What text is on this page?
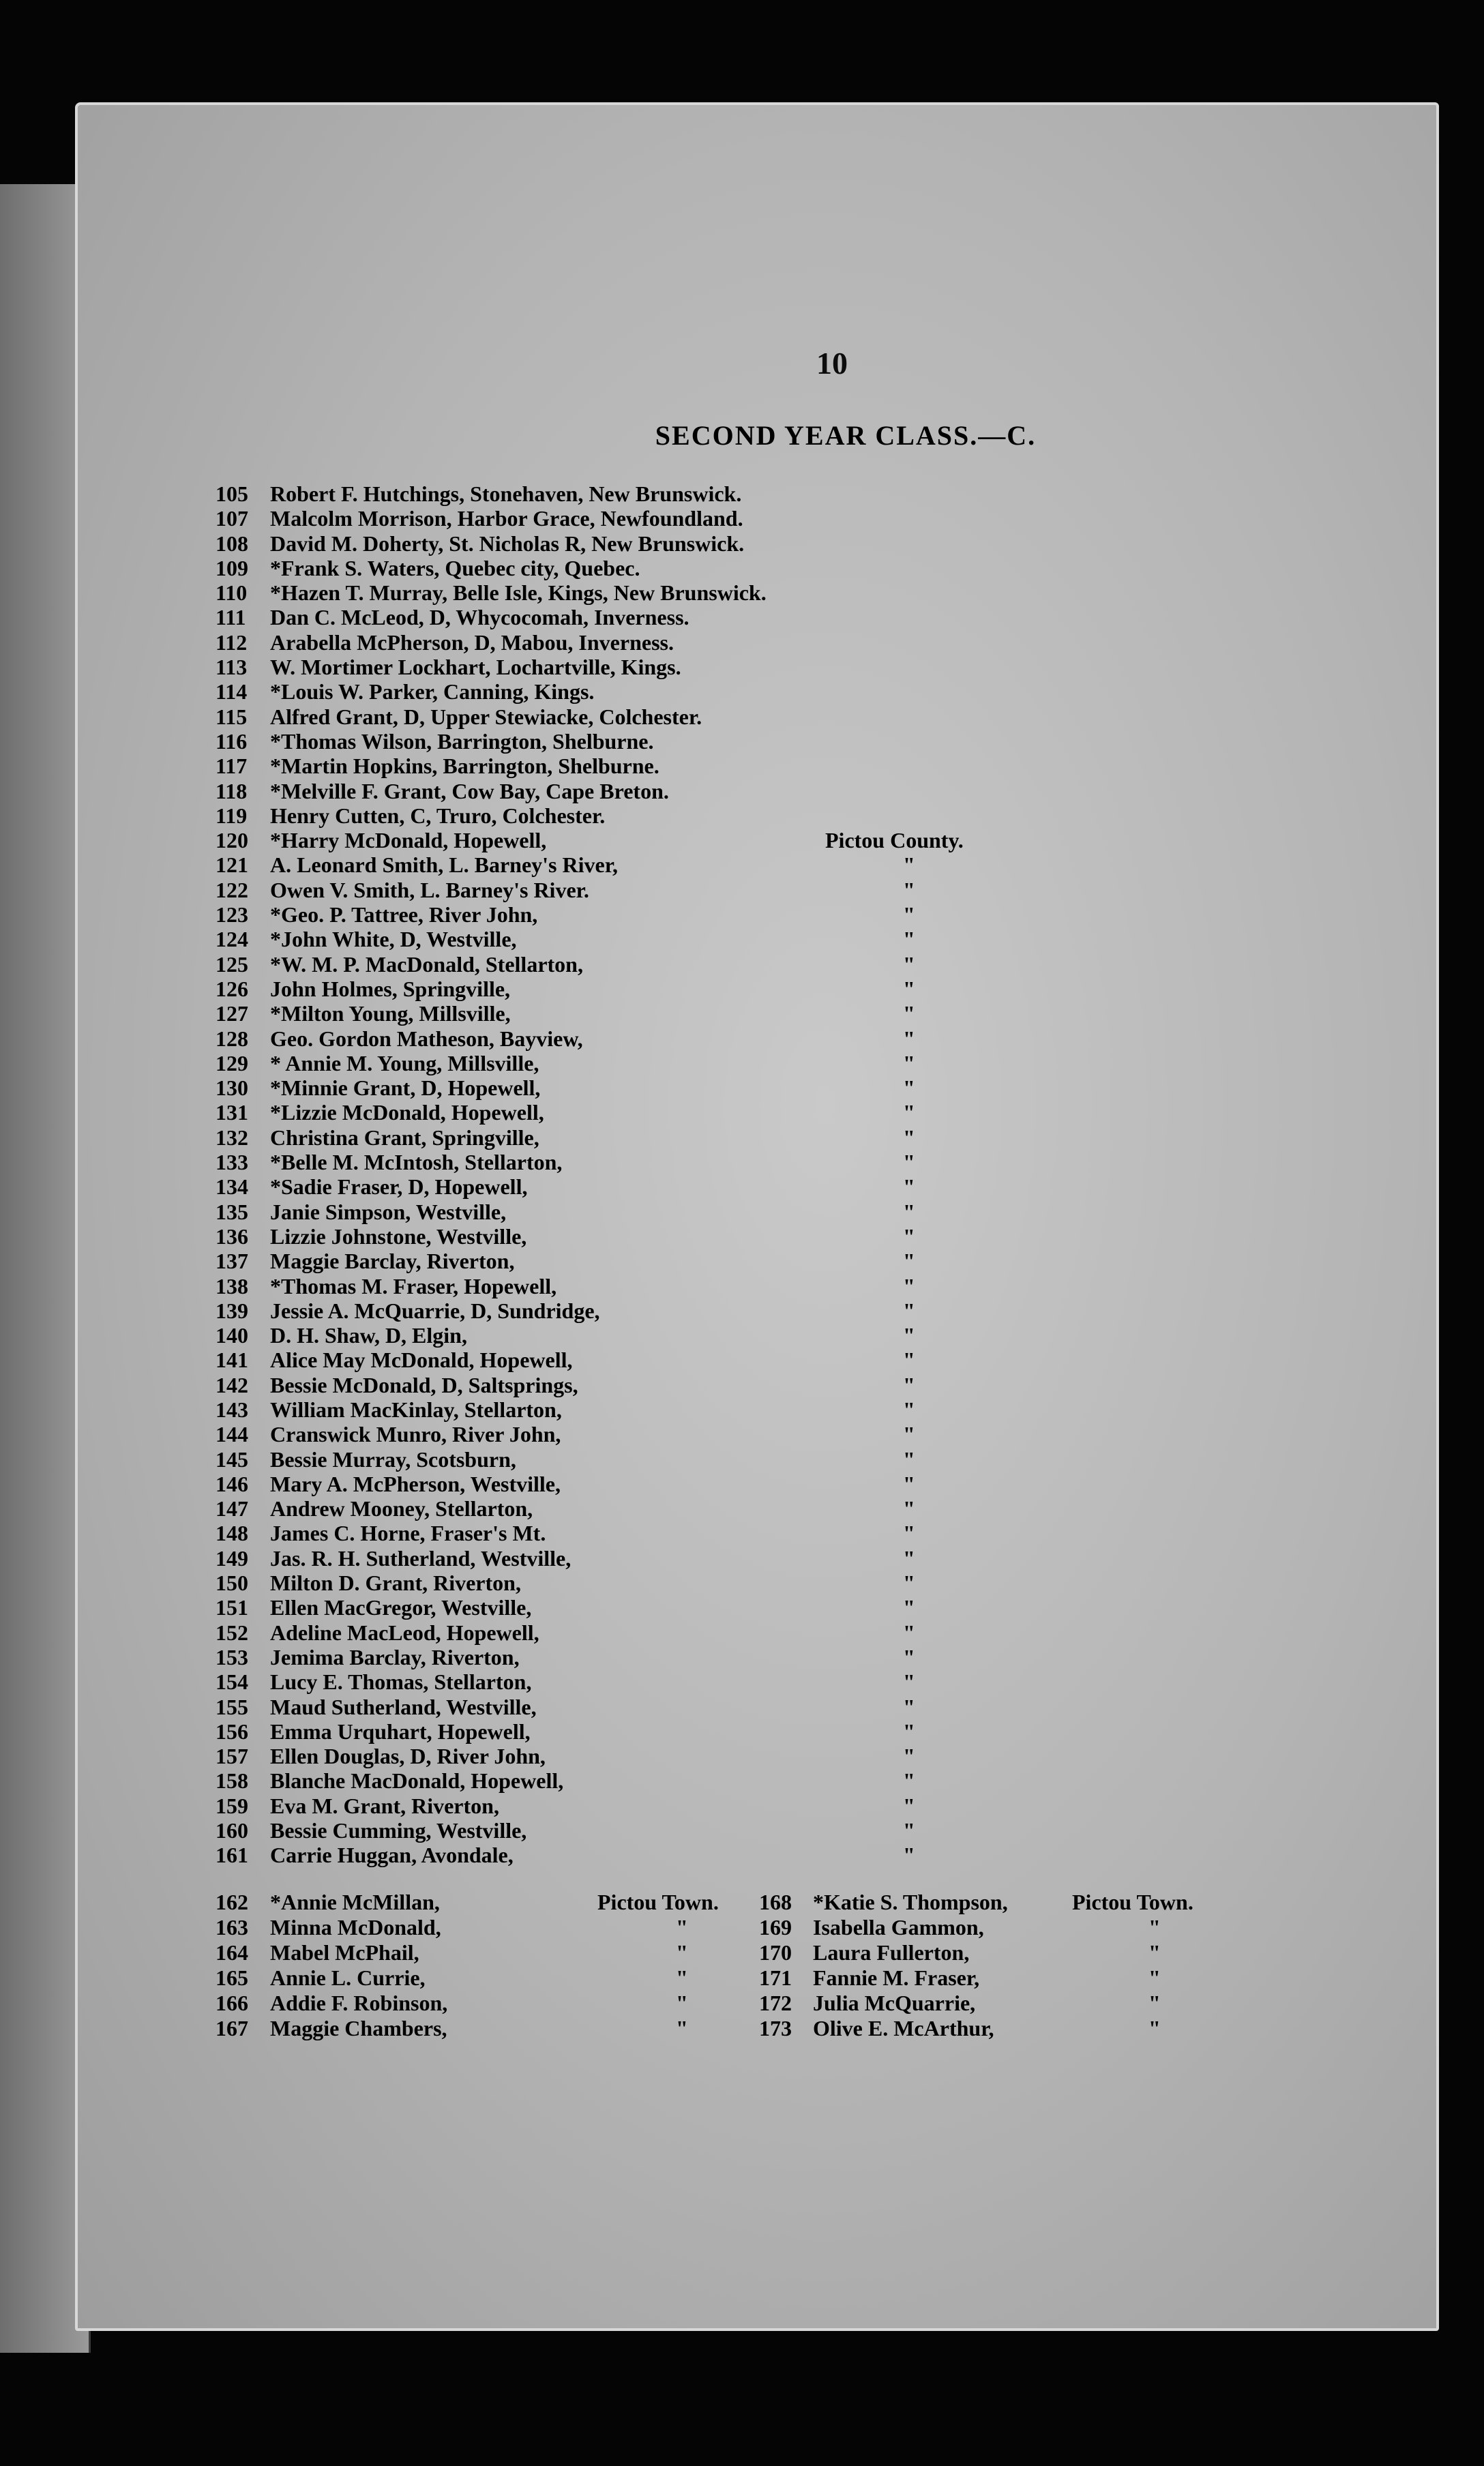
10
SECOND YEAR CLASS.—C.
105	Robert F. Hutchings, Stonehaven, New Brunswick.
107	Malcolm Morrison, Harbor Grace, Newfoundland.
108	David M. Doherty, St. Nicholas R, New Brunswick.
109	*Frank S. Waters, Quebec city, Quebec.
110	*Hazen T. Murray, Belle Isle, Kings, New Brunswick.
111	Dan C. McLeod, D, Whycocomah, Inverness.
112	Arabella McPherson, D, Mabou, Inverness.
113	W. Mortimer Lockhart, Lochartville, Kings.
114	*Louis W. Parker, Canning, Kings.
115	Alfred Grant, D, Upper Stewiacke, Colchester.
116	*Thomas Wilson, Barrington, Shelburne.
117	*Martin Hopkins, Barrington, Shelburne.
118	*Melville F. Grant, Cow Bay, Cape Breton.
119	Henry Cutten, C, Truro, Colchester.
120	*Harry McDonald, Hopewell,	Pictou County.
121	A. Leonard Smith, L. Barney's River,	"
122	Owen V. Smith, L. Barney's River.	"
123	*Geo. P. Tattree, River John,	"
124	*John White, D, Westville,	"
125	*W. M. P. MacDonald, Stellarton,	"
126	John Holmes, Springville,	"
127	*Milton Young, Millsville,	"
128	Geo. Gordon Matheson, Bayview,	"
129	* Annie M. Young, Millsville,	"
130	*Minnie Grant, D, Hopewell,	"
131	*Lizzie McDonald, Hopewell,	"
132	Christina Grant, Springville,	"
133	*Belle M. McIntosh, Stellarton,	"
134	*Sadie Fraser, D, Hopewell,	"
135	Janie Simpson, Westville,	"
136	Lizzie Johnstone, Westville,	"
137	Maggie Barclay, Riverton,	"
138	*Thomas M. Fraser, Hopewell,	"
139	Jessie A. McQuarrie, D, Sundridge,	"
140	D. H. Shaw, D, Elgin,	"
141	Alice May McDonald, Hopewell,	"
142	Bessie McDonald, D, Saltsprings,	"
143	William MacKinlay, Stellarton,	"
144	Cranswick Munro, River John,	"
145	Bessie Murray, Scotsburn,	"
146	Mary A. McPherson, Westville,	"
147	Andrew Mooney, Stellarton,	"
148	James C. Horne, Fraser's Mt.	"
149	Jas. R. H. Sutherland, Westville,	"
150	Milton D. Grant, Riverton,	"
151	Ellen MacGregor, Westville,	"
152	Adeline MacLeod, Hopewell,	"
153	Jemima Barclay, Riverton,	"
154	Lucy E. Thomas, Stellarton,	"
155	Maud Sutherland, Westville,	"
156	Emma Urquhart, Hopewell,	"
157	Ellen Douglas, D, River John,	"
158	Blanche MacDonald, Hopewell,	"
159	Eva M. Grant, Riverton,	"
160	Bessie Cumming, Westville,	"
161	Carrie Huggan, Avondale,	"
162	*Annie McMillan,	Pictou Town. 168 *Katie S. Thompson,	Pictou Town.
163	Minna McDonald,	"	169 Isabella Gammon,	"
164	Mabel McPhail,	"	170 Laura Fullerton,	"
165	Annie L. Currie,	"	171 Fannie M. Fraser,	"
166	Addie F. Robinson,	"	172 Julia McQuarrie,	"
167	Maggie Chambers,	"	173 Olive E. McArthur,	"
